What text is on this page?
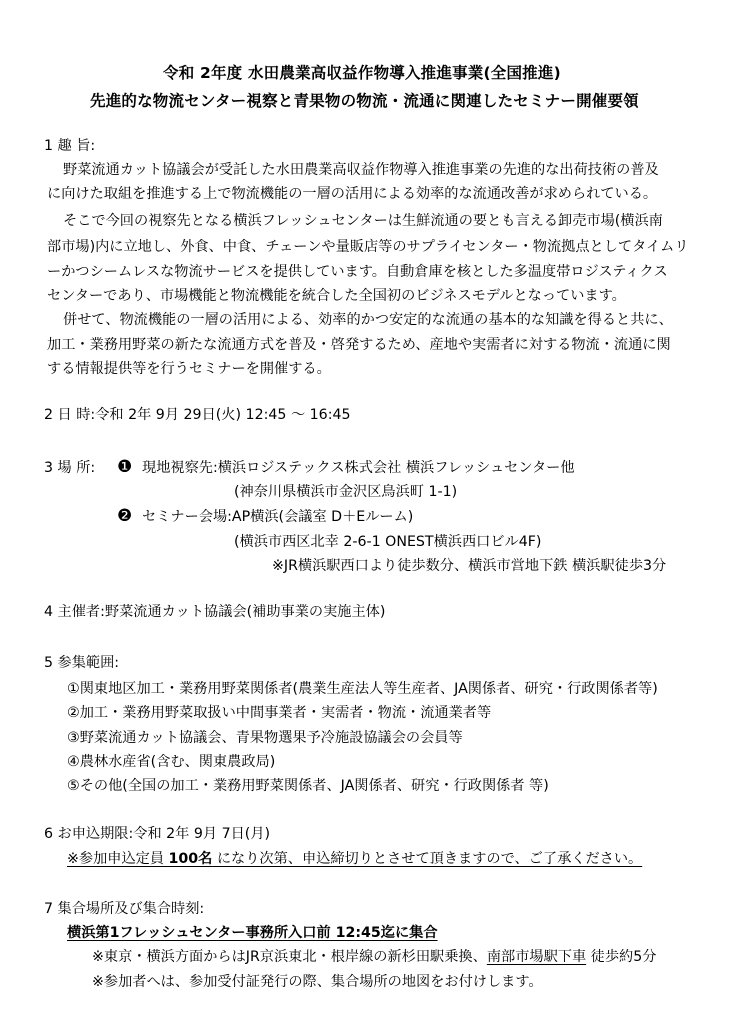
令和 2年度 水田農業高収益作物導入推進事業(全国推進)
先進的な物流センター視察と青果物の物流・流通に関連したセミナー開催要領
1 趣 旨:
野菜流通カット協議会が受託した水田農業高収益作物導入推進事業の先進的な出荷技術の普及
に向けた取組を推進する上で物流機能の一層の活用による効率的な流通改善が求められている。
そこで今回の視察先となる横浜フレッシュセンターは生鮮流通の要とも言える卸売市場(横浜南
部市場)内に立地し、外食、中食、チェーンや量販店等のサプライセンター・物流拠点としてタイムリ
ーかつシームレスな物流サービスを提供しています。自動倉庫を核とした多温度帯ロジスティクス
センターであり、市場機能と物流機能を統合した全国初のビジネスモデルとなっています。
併せて、物流機能の一層の活用による、効率的かつ安定的な流通の基本的な知識を得ると共に、
加工・業務用野菜の新たな流通方式を普及・啓発するため、産地や実需者に対する物流・流通に関
する情報提供等を行うセミナーを開催する。
2 日 時:令和 2年 9月 29日(火) 12:45 ～ 16:45
3 場 所: ❶ 現地視察先:横浜ロジステックス株式会社 横浜フレッシュセンター他
(神奈川県横浜市金沢区鳥浜町 1-1)
❷ セミナー会場:AP横浜(会議室 D＋Eルーム)
(横浜市西区北幸 2-6-1 ONEST横浜西口ビル4F)
※JR横浜駅西口より徒歩数分、横浜市営地下鉄 横浜駅徒歩3分
4 主催者:野菜流通カット協議会(補助事業の実施主体)
5 参集範囲:
①関東地区加工・業務用野菜関係者(農業生産法人等生産者、JA関係者、研究・行政関係者等)
②加工・業務用野菜取扱い中間事業者・実需者・物流・流通業者等
③野菜流通カット協議会、青果物選果予冷施設協議会の会員等
④農林水産省(含む、関東農政局)
⑤その他(全国の加工・業務用野菜関係者、JA関係者、研究・行政関係者 等)
6 お申込期限:令和 2年 9月 7日(月)
※参加申込定員 100名 になり次第、申込締切りとさせて頂きますので、ご了承ください。
7 集合場所及び集合時刻:
横浜第1フレッシュセンター事務所入口前 12:45迄に集合
※東京・横浜方面からはJR京浜東北・根岸線の新杉田駅乗換、南部市場駅下車 徒歩約5分
※参加者へは、参加受付証発行の際、集合場所の地図をお付けします。
